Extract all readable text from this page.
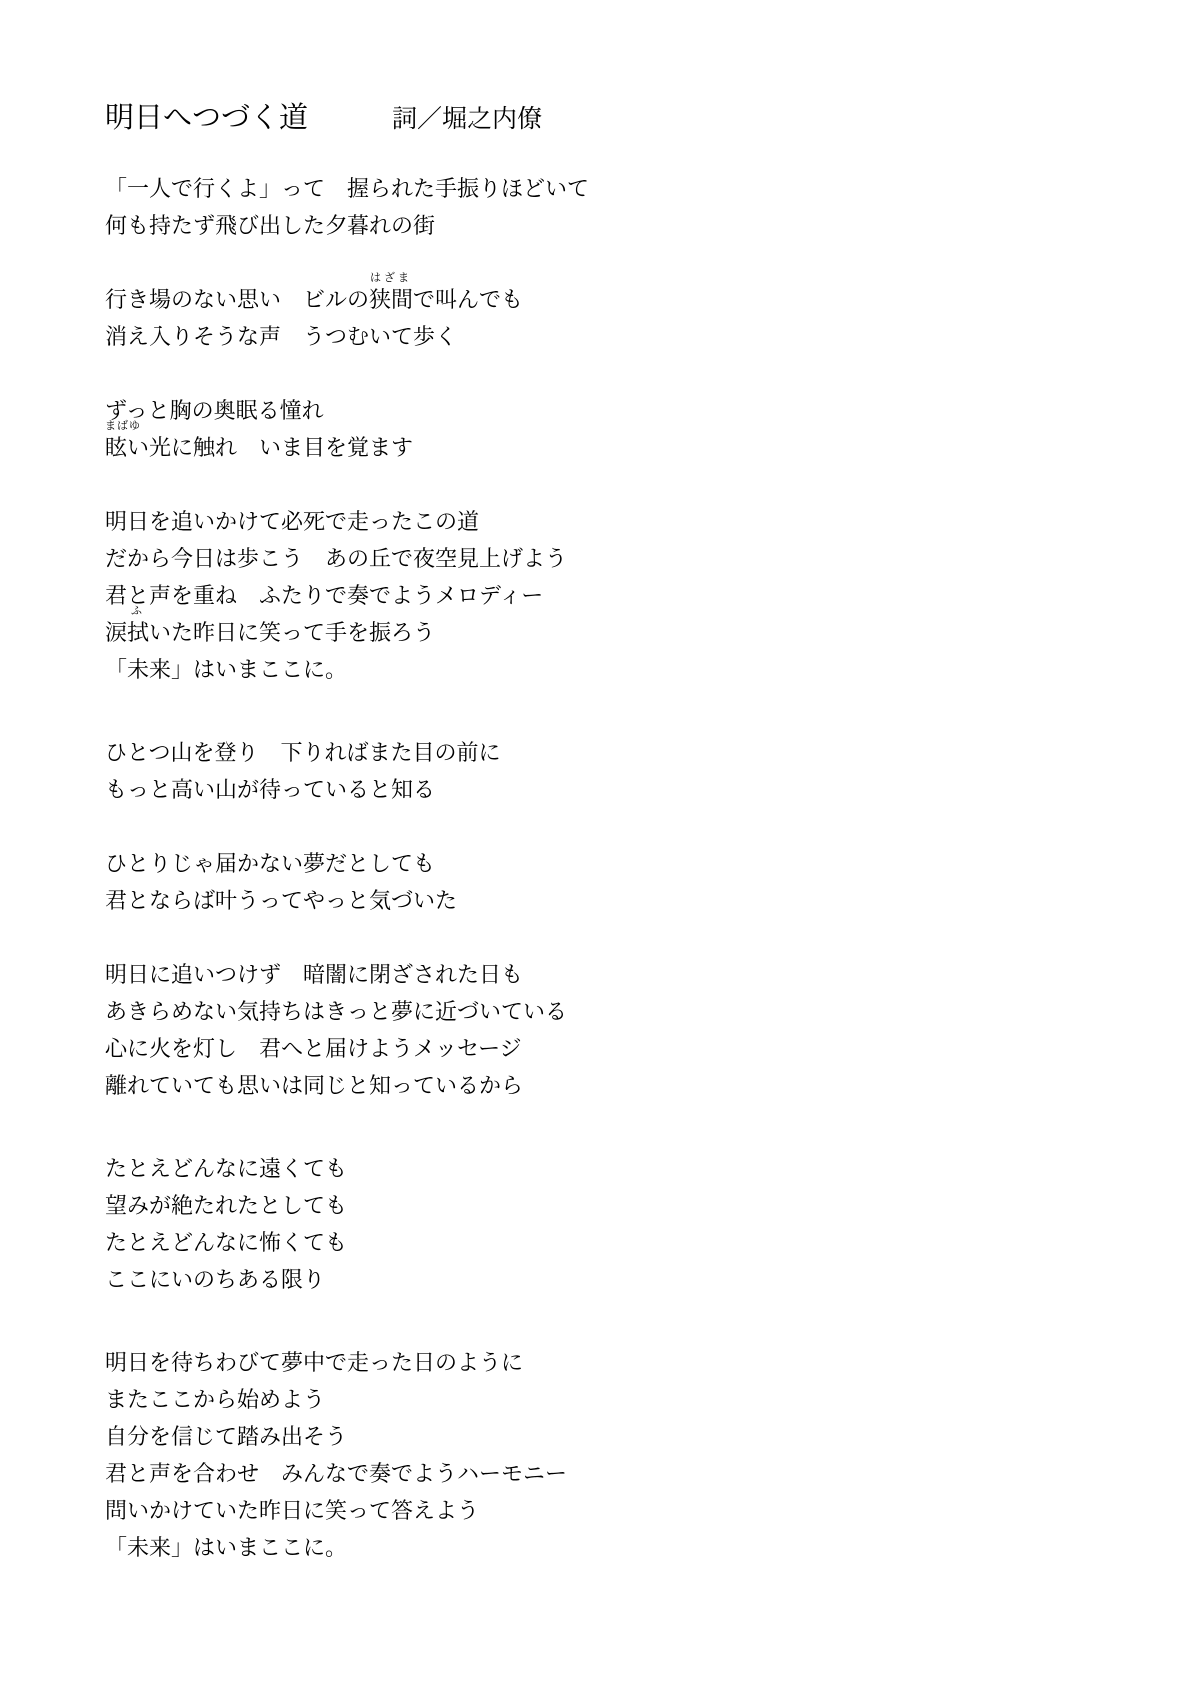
明日へつづく道	詞／堀之内僚
「一人で行くよ」って　握られた手振りほどいて
何も持たず飛び出した夕暮れの街
行き場のない思い　ビルの
はざま
狭間で叫んでも
消え入りそうな声　うつむいて歩く
ずっと胸の奥眠る憧れ
まばゆ
眩い光に触れ　いま目を覚ます
明日を追いかけて必死で走ったこの道
だから今日は歩こう　あの丘で夜空見上げよう
君と声を重ね　ふたりで奏でようメロディー
涙
ふ
拭いた昨日に笑って手を振ろう
「未来」はいまここに。
ひとつ山を登り　下りればまた目の前に
もっと高い山が待っていると知る
ひとりじゃ届かない夢だとしても
君とならば叶うってやっと気づいた
明日に追いつけず　暗闇に閉ざされた日も
あきらめない気持ちはきっと夢に近づいている
心に火を灯し　君へと届けようメッセージ
離れていても思いは同じと知っているから
たとえどんなに遠くても
望みが絶たれたとしても
たとえどんなに怖くても
ここにいのちある限り
明日を待ちわびて夢中で走った日のように
またここから始めよう
自分を信じて踏み出そう
君と声を合わせ　みんなで奏でようハーモニー
問いかけていた昨日に笑って答えよう
「未来」はいまここに。
